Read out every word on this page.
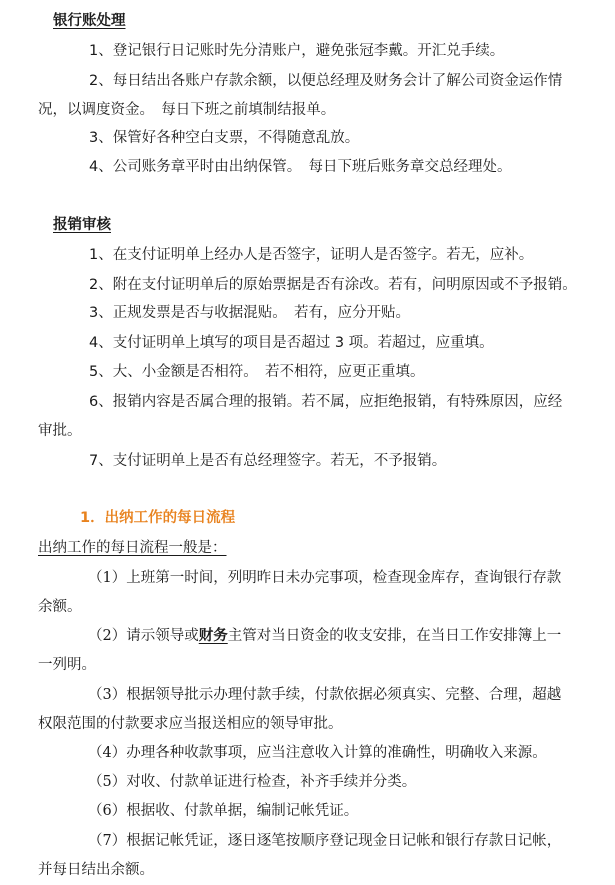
银行账处理
1、登记银行日记账时先分清账户，避免张冠李戴。开汇兑手续。
2、每日结出各账户存款余额，以便总经理及财务会计了解公司资金运作情
况，以调度资金。　每日下班之前填制结报单。
3、保管好各种空白支票，不得随意乱放。
4、公司账务章平时由出纳保管。　每日下班后账务章交总经理处。
报销审核
1、在支付证明单上经办人是否签字，证明人是否签字。若无，应补。
2、附在支付证明单后的原始票据是否有涂改。若有，问明原因或不予报销。
3、正规发票是否与收据混贴。　若有，应分开贴。
4、支付证明单上填写的项目是否超过 3 项。若超过，应重填。
5、大、小金额是否相符。　若不相符，应更正重填。
6、报销内容是否属合理的报销。若不属，应拒绝报销，有特殊原因，应经
审批。
7、支付证明单上是否有总经理签字。若无，不予报销。
1．出纳工作的每日流程
出纳工作的每日流程一般是：
（1）上班第一时间，列明昨日未办完事项，检查现金库存，查询银行存款
余额。
（2）请示领导或财务主管对当日资金的收支安排，在当日工作安排簿上一
一列明。
（3）根据领导批示办理付款手续，付款依据必须真实、完整、合理，超越
权限范围的付款要求应当报送相应的领导审批。
（4）办理各种收款事项，应当注意收入计算的准确性，明确收入来源。
（5）对收、付款单证进行检查，补齐手续并分类。
（6）根据收、付款单据，编制记帐凭证。
（7）根据记帐凭证，逐日逐笔按顺序登记现金日记帐和银行存款日记帐，
并每日结出余额。
